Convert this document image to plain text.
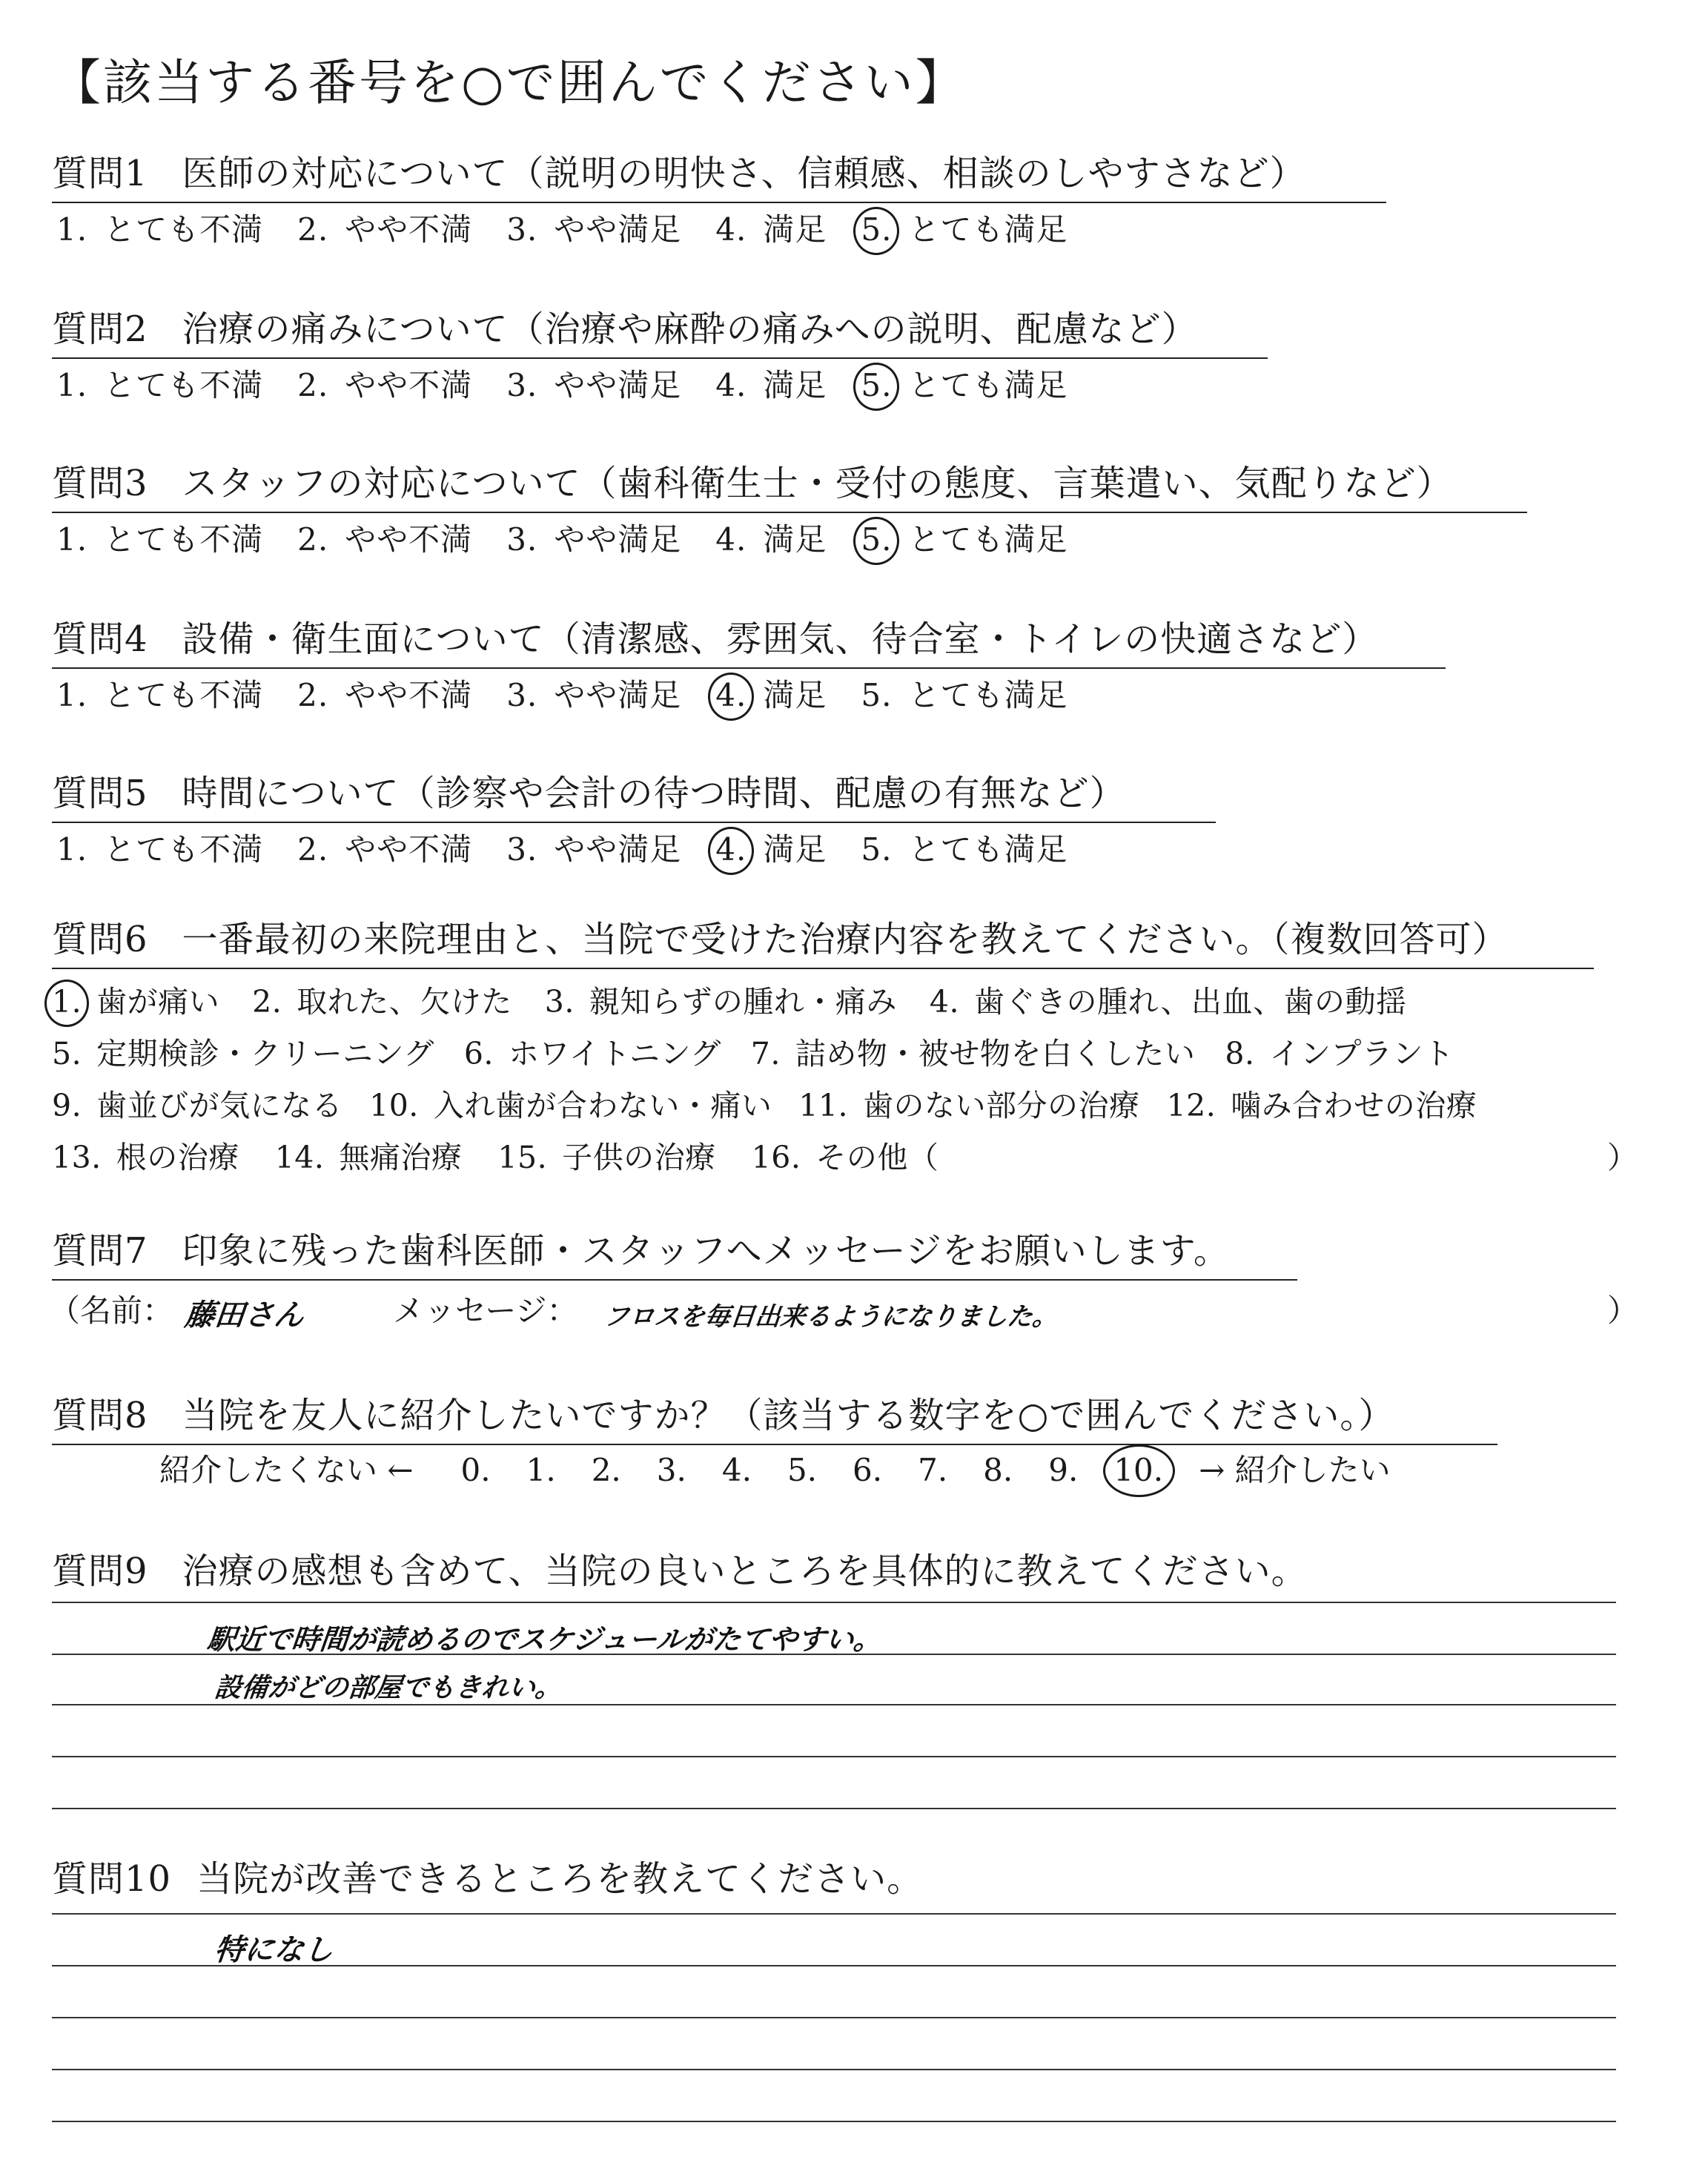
【該当する番号を○で囲んでください】
質問1 医師の対応について（説明の明快さ、信頼感、相談のしやすさなど）
1. とても不満 2. やや不満 3. やや満足 4. 満足 5. とても満足
質問2 治療の痛みについて（治療や麻酔の痛みへの説明、配慮など）
1. とても不満 2. やや不満 3. やや満足 4. 満足 5. とても満足
質問3 スタッフの対応について（歯科衛生士・受付の態度、言葉遣い、気配りなど）
1. とても不満 2. やや不満 3. やや満足 4. 満足 5. とても満足
質問4 設備・衛生面について（清潔感、雰囲気、待合室・トイレの快適さなど）
1. とても不満 2. やや不満 3. やや満足 4. 満足 5. とても満足
質問5 時間について（診察や会計の待つ時間、配慮の有無など）
1. とても不満 2. やや不満 3. やや満足 4. 満足 5. とても満足
質問6 一番最初の来院理由と、当院で受けた治療内容を教えてください。（複数回答可）
1. 歯が痛い 2. 取れた、欠けた 3. 親知らずの腫れ・痛み 4. 歯ぐきの腫れ、出血、歯の動揺
5. 定期検診・クリーニング 6. ホワイトニング 7. 詰め物・被せ物を白くしたい 8. インプラント
9. 歯並びが気になる 10. 入れ歯が合わない・痛い 11. 歯のない部分の治療 12. 噛み合わせの治療
13. 根の治療 14. 無痛治療 15. 子供の治療 16. その他（	）
質問7 印象に残った歯科医師・スタッフへメッセージをお願いします。
（名前： 藤田さん	メッセージ： フロスを毎日出来るようになりました。	）
質問8 当院を友人に紹介したいですか？（該当する数字を○で囲んでください。）
紹介したくない ← 0. 1. 2. 3. 4. 5. 6. 7. 8. 9. 10. → 紹介したい
質問9 治療の感想も含めて、当院の良いところを具体的に教えてください。
駅近で時間が読めるのでスケジュールがたてやすい。
設備がどの部屋でもきれい。
質問10 当院が改善できるところを教えてください。
特になし
